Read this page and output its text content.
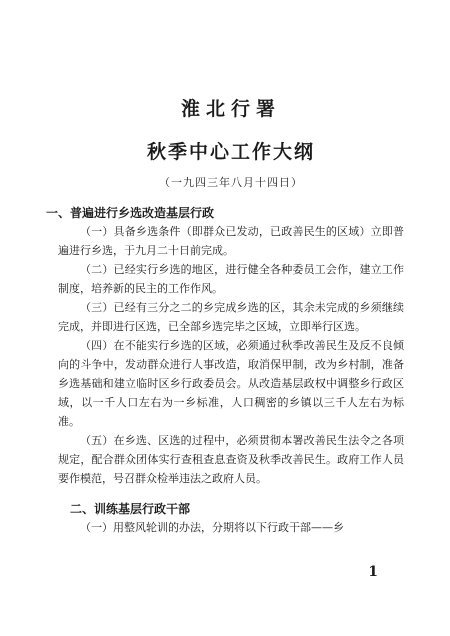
淮北行署
秋季中心工作大纲

（一九四三年八月十四日）

一、普遍进行乡选改造基层行政

（一）具备乡选条件（即群众已发动，已政善民生的区域）立即普遍进行乡选，于九月二十日前完成。

（二）已经实行乡选的地区，进行健全各种委员工会作，建立工作制度，培养新的民主的工作作风。

（三）已经有三分之二的乡完成乡选的区，其余未完成的乡须继续完成，并即进行区选，已全部乡选完毕之区域，立即举行区选。

（四）在不能实行乡选的区域，必须通过秋季改善民生及反不良倾向的斗争中，发动群众进行人事改造，取消保甲制，改为乡村制，准备乡选基础和建立临时区乡行政委员会。从改造基层政权中调整乡行政区域，以一千人口左右为一乡标准，人口稠密的乡镇以三千人左右为标准。

（五）在乡选、区选的过程中，必须贯彻本署改善民生法令之各项规定，配合群众团体实行查租查息查资及秋季改善民生。政府工作人员要作模范，号召群众检举违法之政府人员。

二、训练基层行政干部

（一）用整风轮训的办法，分期将以下行政干部——乡

1
